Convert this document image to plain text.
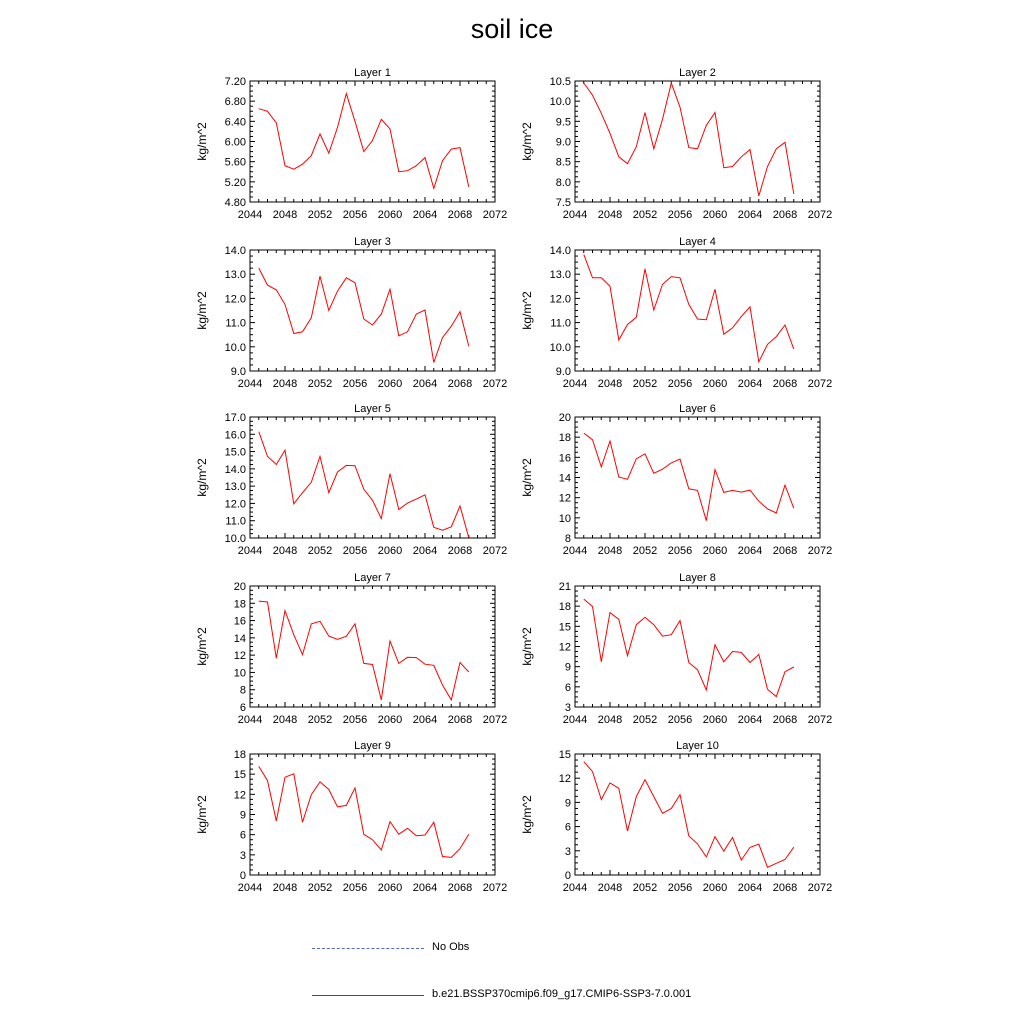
soil ice
Layer 1
2044 2048 2052 2056 2060 2064 2068 2072
4.80
5.20
5.60
6.00
6.40
6.80
7.20
kg/m^2
Layer 2
2044 2048 2052 2056 2060 2064 2068 2072
7.5
8.0
8.5
9.0
9.5
10.0
10.5
kg/m^2
Layer 3
2044 2048 2052 2056 2060 2064 2068 2072
9.0
10.0
11.0
12.0
13.0
14.0
kg/m^2
Layer 4
2044 2048 2052 2056 2060 2064 2068 2072
9.0
10.0
11.0
12.0
13.0
14.0
kg/m^2
Layer 5
2044 2048 2052 2056 2060 2064 2068 2072
10.0
11.0
12.0
13.0
14.0
15.0
16.0
17.0
kg/m^2
Layer 6
2044 2048 2052 2056 2060 2064 2068 2072
8
10
12
14
16
18
20
kg/m^2
Layer 7
2044 2048 2052 2056 2060 2064 2068 2072
6
8
10
12
14
16
18
20
kg/m^2
Layer 8
2044 2048 2052 2056 2060 2064 2068 2072
3
6
9
12
15
18
21
kg/m^2
Layer 9
2044 2048 2052 2056 2060 2064 2068 2072
0
3
6
9
12
15
18
kg/m^2
Layer 10
2044 2048 2052 2056 2060 2064 2068 2072
0
3
6
9
12
15
kg/m^2
No Obs
b.e21.BSSP370cmip6.f09_g17.CMIP6-SSP3-7.0.001
